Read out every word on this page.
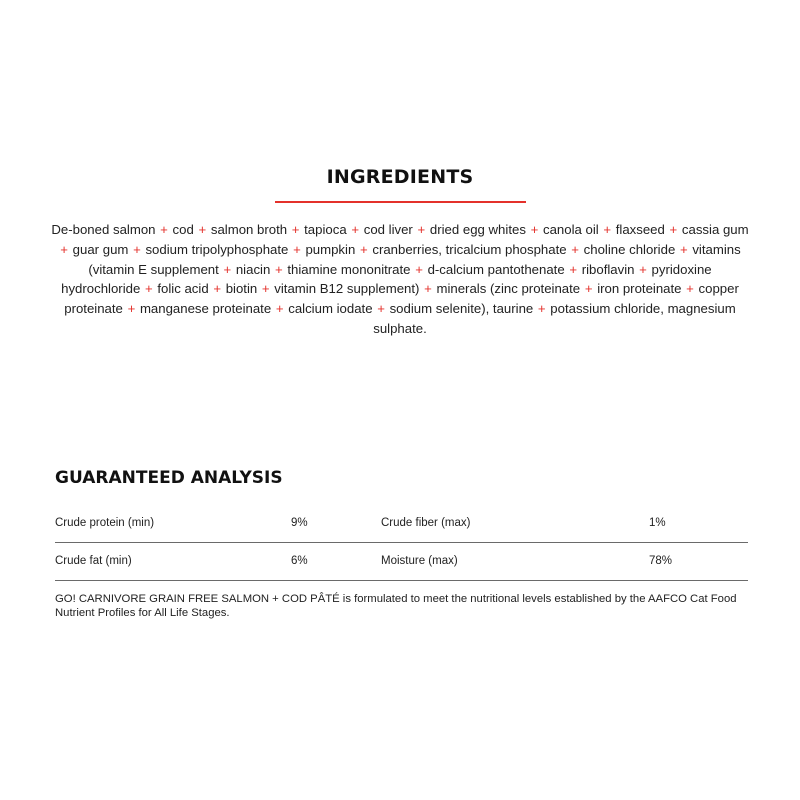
INGREDIENTS
De-boned salmon + cod + salmon broth + tapioca + cod liver + dried egg whites + canola oil + flaxseed + cassia gum + guar gum + sodium tripolyphosphate + pumpkin + cranberries, tricalcium phosphate + choline chloride + vitamins (vitamin E supplement + niacin + thiamine mononitrate + d-calcium pantothenate + riboflavin + pyridoxine hydrochloride + folic acid + biotin + vitamin B12 supplement) + minerals (zinc proteinate + iron proteinate + copper proteinate + manganese proteinate + calcium iodate + sodium selenite), taurine + potassium chloride, magnesium sulphate.
GUARANTEED ANALYSIS
Crude protein (min)	9%	Crude fiber (max)	1%
Crude fat (min)	6%	Moisture (max)	78%
GO! CARNIVORE GRAIN FREE SALMON + COD PÂTÉ is formulated to meet the nutritional levels established by the AAFCO Cat Food Nutrient Profiles for All Life Stages.
